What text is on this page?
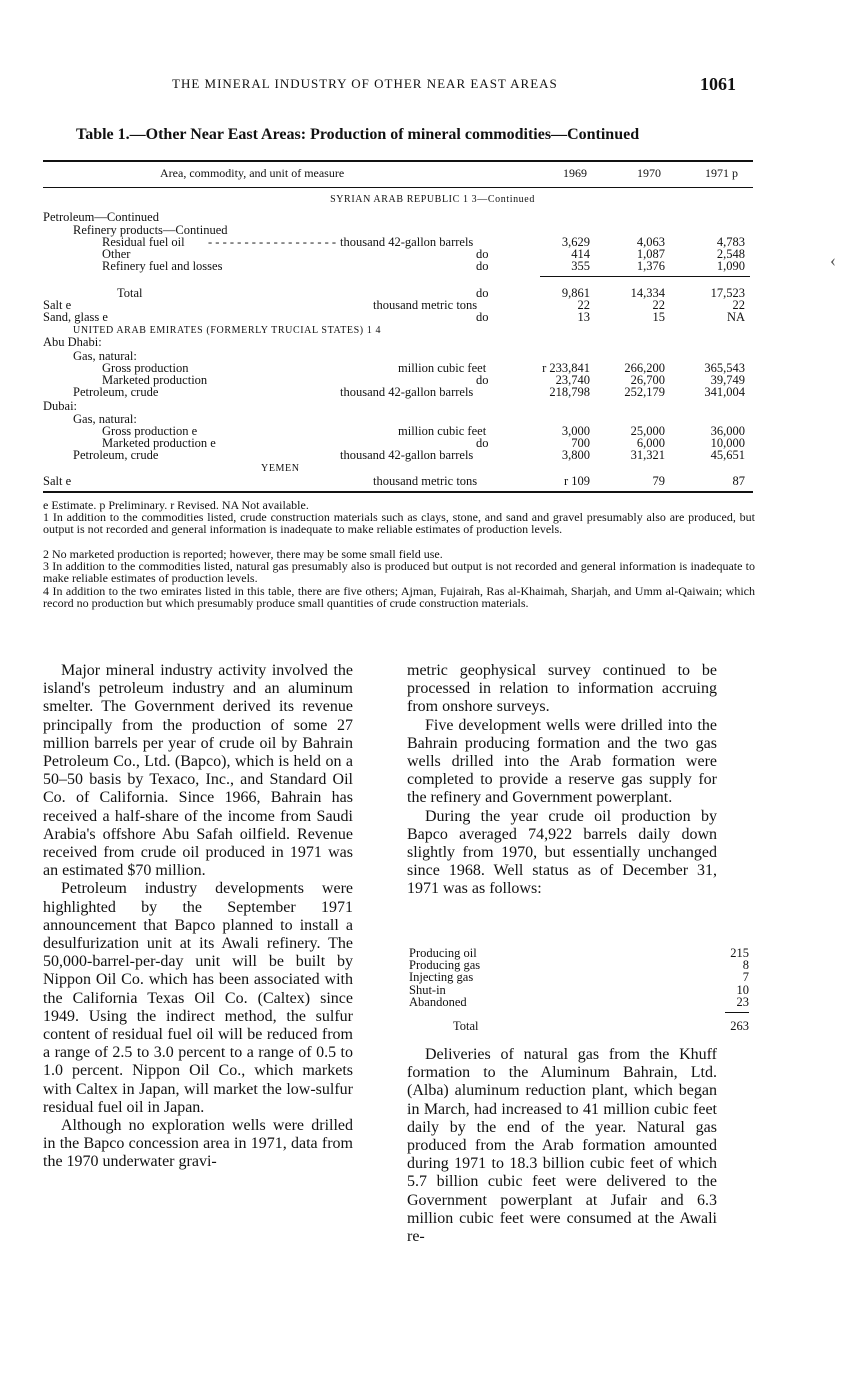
THE MINERAL INDUSTRY OF OTHER NEAR EAST AREAS	1061
Table 1.—Other Near East Areas: Production of mineral commodities—Continued
Area, commodity, and unit of measure	1969	1970	1971 p
SYRIAN ARAB REPUBLIC 1 3—Continued
Petroleum—Continued
Refinery products—Continued
Residual fuel oil - - - - - - - - - - - - - - - - - - thousand 42-gallon barrels	3,629	4,063	4,783
Other	do	414	1,087	2,548
Refinery fuel and losses	do	355	1,376	1,090
Total	do	9,861	14,334	17,523
Salt e	thousand metric tons	22	22	22
Sand, glass e	do	13	15	NA
UNITED ARAB EMIRATES (FORMERLY TRUCIAL STATES) 1 4
Abu Dhabi:
Gas, natural:
Gross production	million cubic feet	r 233,841	266,200	365,543
Marketed production	do	23,740	26,700	39,749
Petroleum, crude	thousand 42-gallon barrels	218,798	252,179	341,004
Dubai:
Gas, natural:
Gross production e	million cubic feet	3,000	25,000	36,000
Marketed production e	do	700	6,000	10,000
Petroleum, crude	thousand 42-gallon barrels	3,800	31,321	45,651
YEMEN
Salt e	thousand metric tons	r 109	79	87
e Estimate. p Preliminary. r Revised. NA Not available.
1 In addition to the commodities listed, crude construction materials such as clays, stone, and sand and gravel presumably also are produced, but output is not recorded and general information is inadequate to make reliable estimates of production levels.
2 No marketed production is reported; however, there may be some small field use.
3 In addition to the commodities listed, natural gas presumably also is produced but output is not recorded and general information is inadequate to make reliable estimates of production levels.
4 In addition to the two emirates listed in this table, there are five others; Ajman, Fujairah, Ras al-Khaimah, Sharjah, and Umm al-Qaiwain; which record no production but which presumably produce small quantities of crude construction materials.

Major mineral industry activity involved the island's petroleum industry and an aluminum smelter. The Government derived its revenue principally from the production of some 27 million barrels per year of crude oil by Bahrain Petroleum Co., Ltd. (Bapco), which is held on a 50–50 basis by Texaco, Inc., and Standard Oil Co. of California. Since 1966, Bahrain has received a half-share of the income from Saudi Arabia's offshore Abu Safah oilfield. Revenue received from crude oil produced in 1971 was an estimated $70 million.

Petroleum industry developments were highlighted by the September 1971 announcement that Bapco planned to install a desulfurization unit at its Awali refinery. The 50,000-barrel-per-day unit will be built by Nippon Oil Co. which has been associated with the California Texas Oil Co. (Caltex) since 1949. Using the indirect method, the sulfur content of residual fuel oil will be reduced from a range of 2.5 to 3.0 percent to a range of 0.5 to 1.0 percent. Nippon Oil Co., which markets with Caltex in Japan, will market the low-sulfur residual fuel oil in Japan.

Although no exploration wells were drilled in the Bapco concession area in 1971, data from the 1970 underwater gravi-

metric geophysical survey continued to be processed in relation to information accruing from onshore surveys.

Five development wells were drilled into the Bahrain producing formation and the two gas wells drilled into the Arab formation were completed to provide a reserve gas supply for the refinery and Government powerplant.

During the year crude oil production by Bapco averaged 74,922 barrels daily down slightly from 1970, but essentially unchanged since 1968. Well status as of December 31, 1971 was as follows:

Producing oil	215
Producing gas	8
Injecting gas	7
Shut-in	10
Abandoned	23
Total	263

Deliveries of natural gas from the Khuff formation to the Aluminum Bahrain, Ltd. (Alba) aluminum reduction plant, which began in March, had increased to 41 million cubic feet daily by the end of the year. Natural gas produced from the Arab formation amounted during 1971 to 18.3 billion cubic feet of which 5.7 billion cubic feet were delivered to the Government powerplant at Jufair and 6.3 million cubic feet were consumed at the Awali re-

‹
